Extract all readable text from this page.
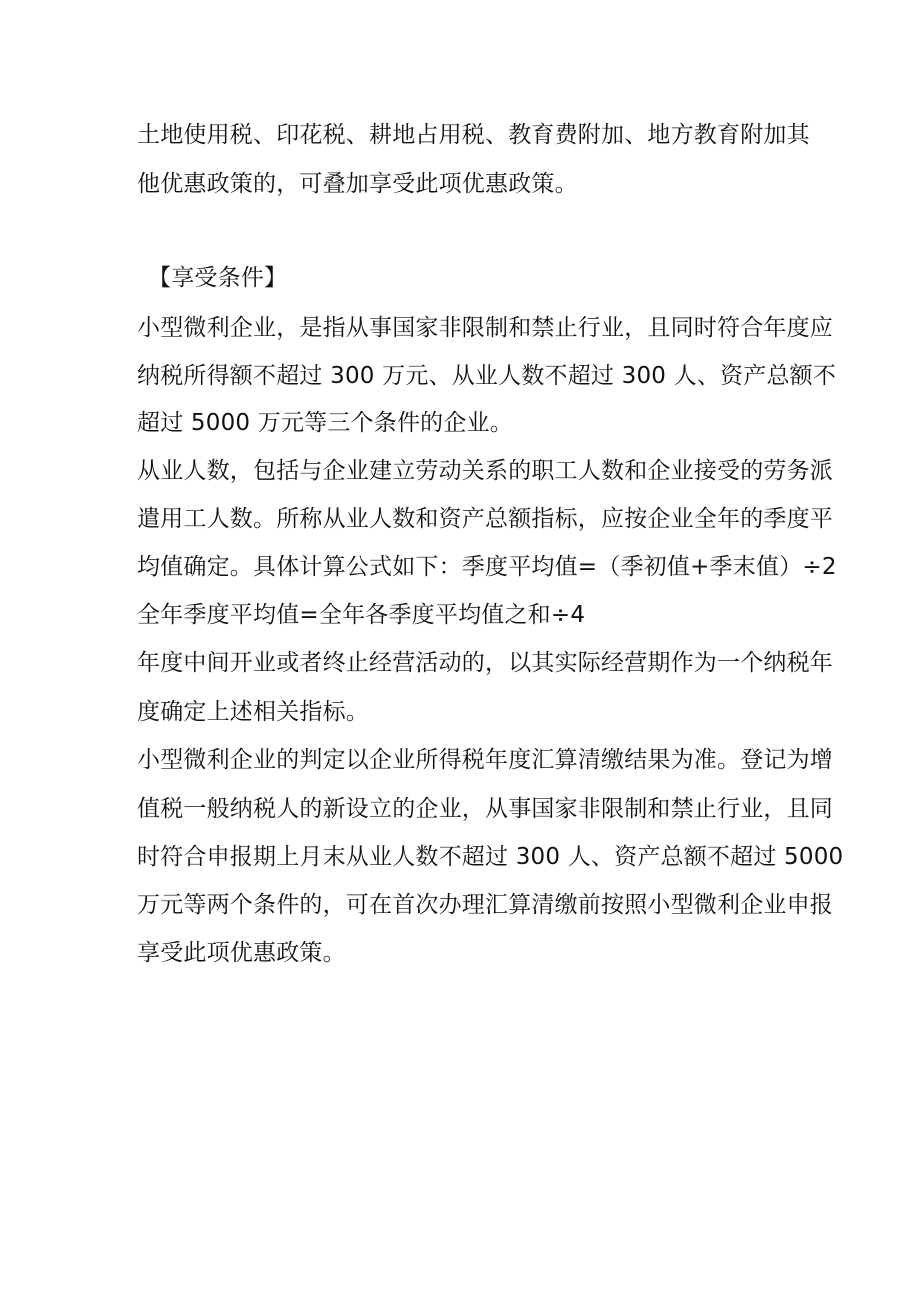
土地使用税、印花税、耕地占用税、教育费附加、地方教育附加其
他优惠政策的，可叠加享受此项优惠政策。
【享受条件】
小型微利企业，是指从事国家非限制和禁止行业，且同时符合年度应
纳税所得额不超过 300 万元、从业人数不超过 300 人、资产总额不
超过 5000 万元等三个条件的企业。
从业人数，包括与企业建立劳动关系的职工人数和企业接受的劳务派
遣用工人数。所称从业人数和资产总额指标，应按企业全年的季度平
均值确定。具体计算公式如下：季度平均值=（季初值+季末值）÷2
全年季度平均值=全年各季度平均值之和÷4
年度中间开业或者终止经营活动的，以其实际经营期作为一个纳税年
度确定上述相关指标。
小型微利企业的判定以企业所得税年度汇算清缴结果为准。登记为增
值税一般纳税人的新设立的企业，从事国家非限制和禁止行业，且同
时符合申报期上月末从业人数不超过 300 人、资产总额不超过 5000
万元等两个条件的，可在首次办理汇算清缴前按照小型微利企业申报
享受此项优惠政策。
